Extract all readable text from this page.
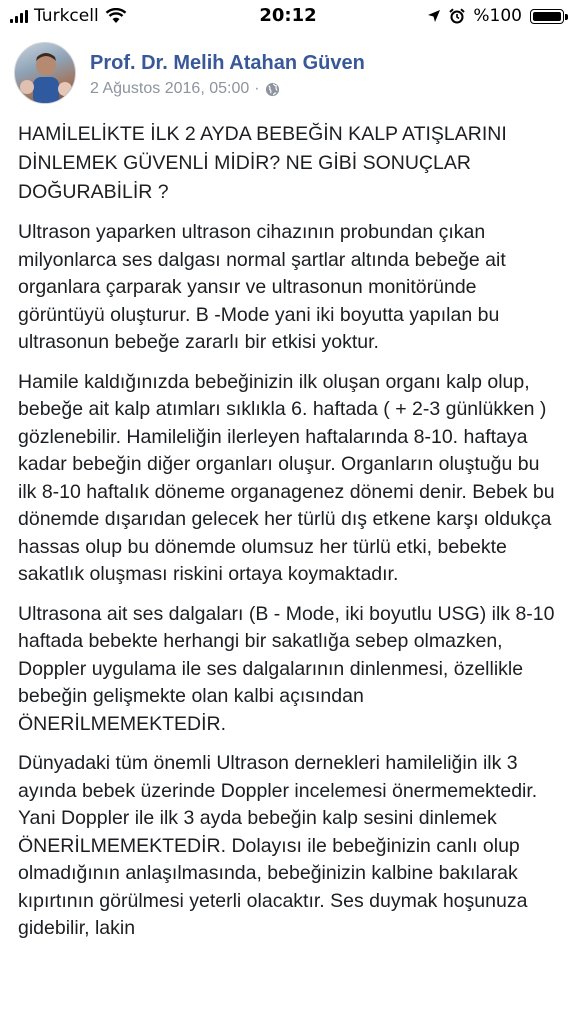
Turkcell	20:12	%100
Prof. Dr. Melih Atahan Güven
2 Ağustos 2016, 05:00 ·

HAMİLELİKTE İLK 2 AYDA BEBEĞİN KALP ATIŞLARINI DİNLEMEK GÜVENLİ MİDİR? NE GİBİ SONUÇLAR DOĞURABİLİR ?

Ultrason yaparken ultrason cihazının probundan çıkan milyonlarca ses dalgası normal şartlar altında bebeğe ait organlara çarparak yansır ve ultrasonun monitöründe görüntüyü oluşturur. B -Mode yani iki boyutta yapılan bu ultrasonun bebeğe zararlı bir etkisi yoktur.

Hamile kaldığınızda bebeğinizin ilk oluşan organı kalp olup, bebeğe ait kalp atımları sıklıkla 6. haftada ( + 2-3 günlükken ) gözlenebilir. Hamileliğin ilerleyen haftalarında 8-10. haftaya kadar bebeğin diğer organları oluşur. Organların oluştuğu bu ilk 8-10 haftalık döneme organagenez dönemi denir. Bebek bu dönemde dışarıdan gelecek her türlü dış etkene karşı oldukça hassas olup bu dönemde olumsuz her türlü etki, bebekte sakatlık oluşması riskini ortaya koymaktadır.

Ultrasona ait ses dalgaları (B - Mode, iki boyutlu USG) ilk 8-10 haftada bebekte herhangi bir sakatlığa sebep olmazken, Doppler uygulama ile ses dalgalarının dinlenmesi, özellikle bebeğin gelişmekte olan kalbi açısından ÖNERİLMEMEKTEDİR.

Dünyadaki tüm önemli Ultrason dernekleri hamileliğin ilk 3 ayında bebek üzerinde Doppler incelemesi önermemektedir. Yani Doppler ile ilk 3 ayda bebeğin kalp sesini dinlemek ÖNERİLMEMEKTEDİR. Dolayısı ile bebeğinizin canlı olup olmadığının anlaşılmasında, bebeğinizin kalbine bakılarak kıpırtının görülmesi yeterli olacaktır. Ses duymak hoşunuza gidebilir, lakin
